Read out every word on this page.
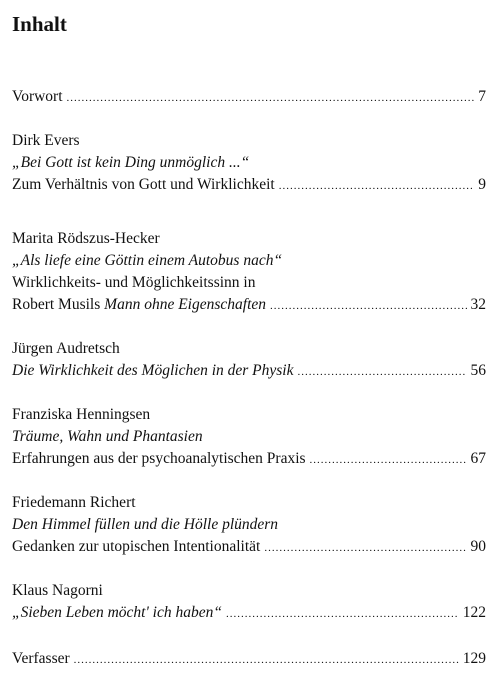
Inhalt
Vorwort .....	7
Dirk Evers
„Bei Gott ist kein Ding unmöglich ...“
Zum Verhältnis von Gott und Wirklichkeit .....	9
Marita Rödszus-Hecker
„Als liefe eine Göttin einem Autobus nach“
Wirklichkeits- und Möglichkeitssinn in
Robert Musils Mann ohne Eigenschaften .....	32
Jürgen Audretsch
Die Wirklichkeit des Möglichen in der Physik .....	56
Franziska Henningsen
Träume, Wahn und Phantasien
Erfahrungen aus der psychoanalytischen Praxis .....	67
Friedemann Richert
Den Himmel füllen und die Hölle plündern
Gedanken zur utopischen Intentionalität .....	90
Klaus Nagorni
„Sieben Leben möcht' ich haben“ .....	122
Verfasser .....	129
